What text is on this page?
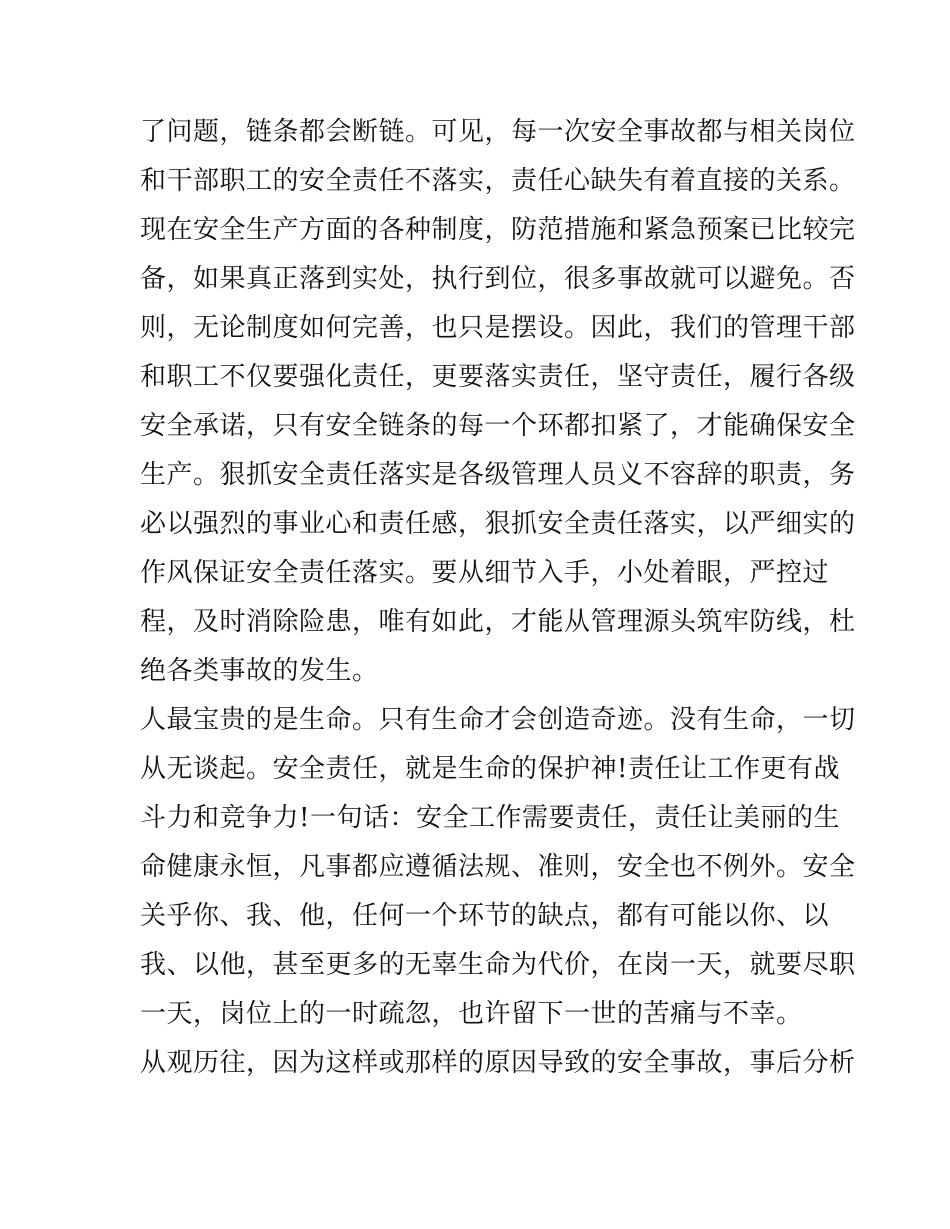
了问题，链条都会断链。可见，每一次安全事故都与相关岗位
和干部职工的安全责任不落实，责任心缺失有着直接的关系。
现在安全生产方面的各种制度，防范措施和紧急预案已比较完
备，如果真正落到实处，执行到位，很多事故就可以避免。否
则，无论制度如何完善，也只是摆设。因此，我们的管理干部
和职工不仅要强化责任，更要落实责任，坚守责任，履行各级
安全承诺，只有安全链条的每一个环都扣紧了，才能确保安全
生产。狠抓安全责任落实是各级管理人员义不容辞的职责，务
必以强烈的事业心和责任感，狠抓安全责任落实，以严细实的
作风保证安全责任落实。要从细节入手，小处着眼，严控过
程，及时消除险患，唯有如此，才能从管理源头筑牢防线，杜
绝各类事故的发生。
人最宝贵的是生命。只有生命才会创造奇迹。没有生命，一切
从无谈起。安全责任，就是生命的保护神!责任让工作更有战
斗力和竞争力!一句话：安全工作需要责任，责任让美丽的生
命健康永恒，凡事都应遵循法规、准则，安全也不例外。安全
关乎你、我、他，任何一个环节的缺点，都有可能以你、以
我、以他，甚至更多的无辜生命为代价，在岗一天，就要尽职
一天，岗位上的一时疏忽，也许留下一世的苦痛与不幸。
从观历往，因为这样或那样的原因导致的安全事故，事后分析
